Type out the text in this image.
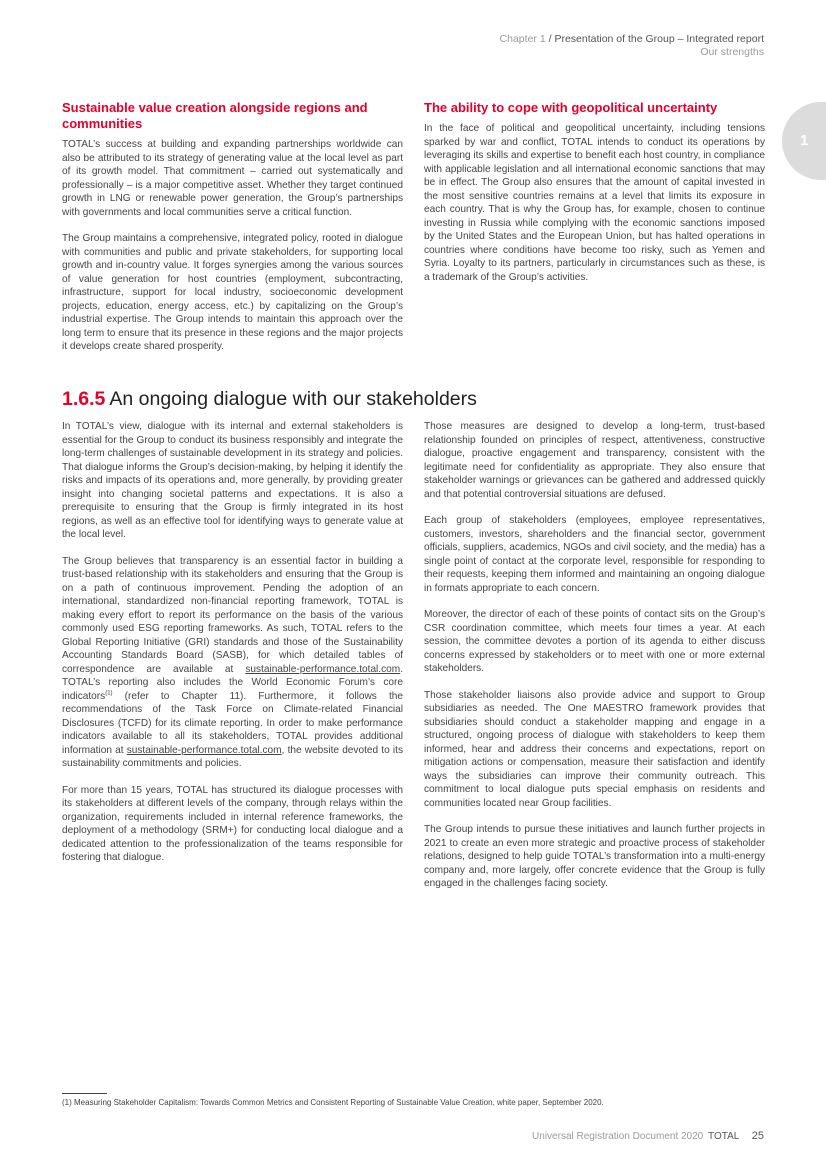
Chapter 1 / Presentation of the Group – Integrated report
Our strengths
1
Sustainable value creation alongside regions and communities

TOTAL’s success at building and expanding partnerships worldwide can also be attributed to its strategy of generating value at the local level as part of its growth model. That commitment – carried out systematically and professionally – is a major competitive asset. Whether they target continued growth in LNG or renewable power generation, the Group’s partnerships with governments and local communities serve a critical function.

The Group maintains a comprehensive, integrated policy, rooted in dialogue with communities and public and private stakeholders, for supporting local growth and in-country value. It forges synergies among the various sources of value generation for host countries (employment, subcontracting, infrastructure, support for local industry, socioeconomic development projects, education, energy access, etc.) by capitalizing on the Group’s industrial expertise. The Group intends to maintain this approach over the long term to ensure that its presence in these regions and the major projects it develops create shared prosperity.

The ability to cope with geopolitical uncertainty

In the face of political and geopolitical uncertainty, including tensions sparked by war and conflict, TOTAL intends to conduct its operations by leveraging its skills and expertise to benefit each host country, in compliance with applicable legislation and all international economic sanctions that may be in effect. The Group also ensures that the amount of capital invested in the most sensitive countries remains at a level that limits its exposure in each country. That is why the Group has, for example, chosen to continue investing in Russia while complying with the economic sanctions imposed by the United States and the European Union, but has halted operations in countries where conditions have become too risky, such as Yemen and Syria. Loyalty to its partners, particularly in circumstances such as these, is a trademark of the Group’s activities.

1.6.5 An ongoing dialogue with our stakeholders

In TOTAL’s view, dialogue with its internal and external stakeholders is essential for the Group to conduct its business responsibly and integrate the long-term challenges of sustainable development in its strategy and policies. That dialogue informs the Group’s decision-making, by helping it identify the risks and impacts of its operations and, more generally, by providing greater insight into changing societal patterns and expectations. It is also a prerequisite to ensuring that the Group is firmly integrated in its host regions, as well as an effective tool for identifying ways to generate value at the local level.

The Group believes that transparency is an essential factor in building a trust-based relationship with its stakeholders and ensuring that the Group is on a path of continuous improvement. Pending the adoption of an international, standardized non-financial reporting framework, TOTAL is making every effort to report its performance on the basis of the various commonly used ESG reporting frameworks. As such, TOTAL refers to the Global Reporting Initiative (GRI) standards and those of the Sustainability Accounting Standards Board (SASB), for which detailed tables of correspondence are available at sustainable-performance.total.com. TOTAL’s reporting also includes the World Economic Forum’s core indicators$^{(1)}$ (refer to Chapter 11). Furthermore, it follows the recommendations of the Task Force on Climate-related Financial Disclosures (TCFD) for its climate reporting. In order to make performance indicators available to all its stakeholders, TOTAL provides additional information at sustainable-performance.total.com, the website devoted to its sustainability commitments and policies.

For more than 15 years, TOTAL has structured its dialogue processes with its stakeholders at different levels of the company, through relays within the organization, requirements included in internal reference frameworks, the deployment of a methodology (SRM+) for conducting local dialogue and a dedicated attention to the professionalization of the teams responsible for fostering that dialogue.

Those measures are designed to develop a long-term, trust-based relationship founded on principles of respect, attentiveness, constructive dialogue, proactive engagement and transparency, consistent with the legitimate need for confidentiality as appropriate. They also ensure that stakeholder warnings or grievances can be gathered and addressed quickly and that potential controversial situations are defused.

Each group of stakeholders (employees, employee representatives, customers, investors, shareholders and the financial sector, government officials, suppliers, academics, NGOs and civil society, and the media) has a single point of contact at the corporate level, responsible for responding to their requests, keeping them informed and maintaining an ongoing dialogue in formats appropriate to each concern.

Moreover, the director of each of these points of contact sits on the Group’s CSR coordination committee, which meets four times a year. At each session, the committee devotes a portion of its agenda to either discuss concerns expressed by stakeholders or to meet with one or more external stakeholders.

Those stakeholder liaisons also provide advice and support to Group subsidiaries as needed. The One MAESTRO framework provides that subsidiaries should conduct a stakeholder mapping and engage in a structured, ongoing process of dialogue with stakeholders to keep them informed, hear and address their concerns and expectations, report on mitigation actions or compensation, measure their satisfaction and identify ways the subsidiaries can improve their community outreach. This commitment to local dialogue puts special emphasis on residents and communities located near Group facilities.

The Group intends to pursue these initiatives and launch further projects in 2021 to create an even more strategic and proactive process of stakeholder relations, designed to help guide TOTAL’s transformation into a multi-energy company and, more largely, offer concrete evidence that the Group is fully engaged in the challenges facing society.

(1) Measuring Stakeholder Capitalism: Towards Common Metrics and Consistent Reporting of Sustainable Value Creation, white paper, September 2020.
Universal Registration Document 2020 TOTAL 25
